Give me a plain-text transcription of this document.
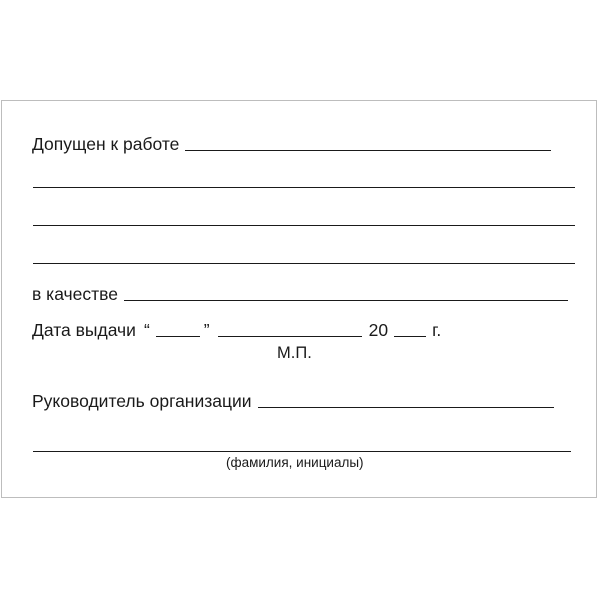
Допущен к работе
в качестве
Дата выдачи “	”	20	г.
М.П.
Руководитель организации
(фамилия, инициалы)
